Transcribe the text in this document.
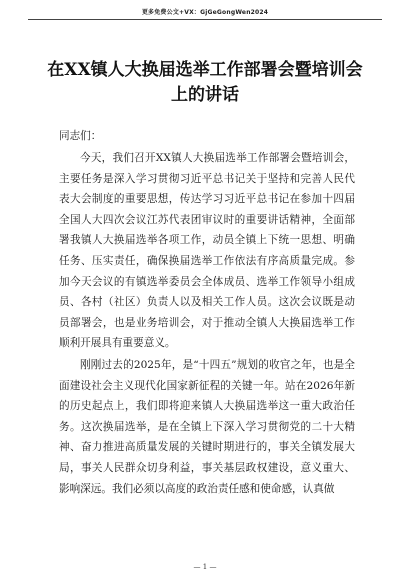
更多免费公文+VX：GjGeGongWen2024
在XX镇人大换届选举工作部署会暨培训会上的讲话
同志们：

今天，我们召开XX镇人大换届选举工作部署会暨培训会，主要任务是深入学习贯彻习近平总书记关于坚持和完善人民代表大会制度的重要思想，传达学习习近平总书记在参加十四届全国人大四次会议江苏代表团审议时的重要讲话精神，全面部署我镇人大换届选举各项工作，动员全镇上下统一思想、明确任务、压实责任，确保换届选举工作依法有序高质量完成。参加今天会议的有镇选举委员会全体成员、选举工作领导小组成员、各村（社区）负责人以及相关工作人员。这次会议既是动员部署会，也是业务培训会，对于推动全镇人大换届选举工作顺利开展具有重要意义。

刚刚过去的2025年，是“十四五”规划的收官之年，也是全面建设社会主义现代化国家新征程的关键一年。站在2026年新的历史起点上，我们即将迎来镇人大换届选举这一重大政治任务。这次换届选举，是在全镇上下深入学习贯彻党的二十大精神、奋力推进高质量发展的关键时期进行的，事关全镇发展大局，事关人民群众切身利益，事关基层政权建设，意义重大、影响深远。我们必须以高度的政治责任感和使命感，认真做

— 1 —
